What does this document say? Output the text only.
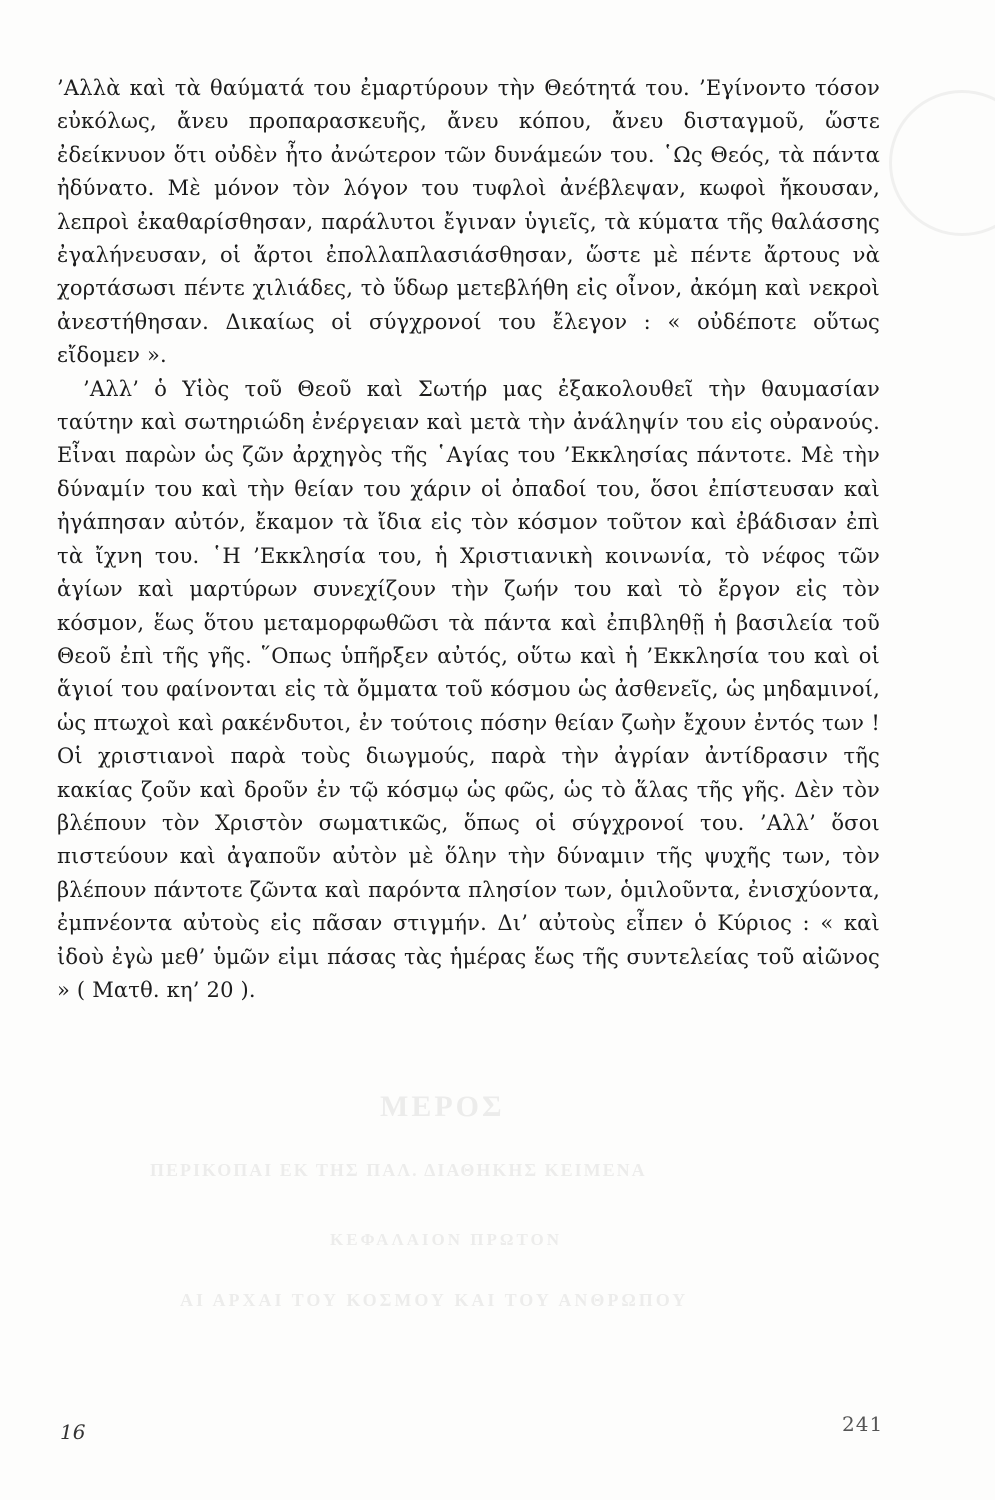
ΜΕΡΟΣ
ΠΕΡΙΚΟΠΑΙ ΕΚ ΤΗΣ ΠΑΛ. ΔΙΑΘΗΚΗΣ ΚΕΙΜΕΝΑ
ΚΕΦΑΛΑΙΟΝ ΠΡΩΤΟΝ
ΑΙ ΑΡΧΑΙ ΤΟΥ ΚΟΣΜΟΥ ΚΑΙ ΤΟΥ ΑΝΘΡΩΠΟΥ

’Αλλὰ καὶ τὰ θαύματά του ἐμαρτύρουν τὴν Θεότητά του. ’Εγίνοντο τόσον εὐκόλως, ἄνευ προπαρασκευῆς, ἄνευ κόπου, ἄνευ δισταγμοῦ, ὥστε ἐδείκνυον ὅτι οὐδὲν ἦτο ἀνώτερον τῶν δυνάμεών του. ῾Ως Θεός, τὰ πάντα ἠδύνατο. Μὲ μόνον τὸν λόγον του τυφλοὶ ἀνέβλεψαν, κωφοὶ ἤκουσαν, λεπροὶ ἐκαθαρίσθησαν, παράλυτοι ἔγιναν ὑγιεῖς, τὰ κύματα τῆς θαλάσσης ἐγαλήνευσαν, οἱ ἄρτοι ἐπολλαπλασιάσθησαν, ὥστε μὲ πέντε ἄρτους νὰ χορτάσωσι πέντε χιλιάδες, τὸ ὕδωρ μετεβλήθη εἰς οἶνον, ἀκόμη καὶ νεκροὶ ἀνεστήθησαν. Δικαίως οἱ σύγχρονοί του ἔλεγον : « οὐδέποτε οὕτως εἴδομεν ».

’Αλλ’ ὁ Υἱὸς τοῦ Θεοῦ καὶ Σωτήρ μας ἐξακολουθεῖ τὴν θαυμασίαν ταύτην καὶ σωτηριώδη ἐνέργειαν καὶ μετὰ τὴν ἀνάληψίν του εἰς οὐρανούς. Εἶναι παρὼν ὡς ζῶν ἀρχηγὸς τῆς ῾Αγίας του ’Εκκλησίας πάντοτε. Μὲ τὴν δύναμίν του καὶ τὴν θείαν του χάριν οἱ ὀπαδοί του, ὅσοι ἐπίστευσαν καὶ ἠγάπησαν αὐτόν, ἔκαμον τὰ ἴδια εἰς τὸν κόσμον τοῦτον καὶ ἐβάδισαν ἐπὶ τὰ ἴχνη του. ῾Η ’Εκκλησία του, ἡ Χριστιανικὴ κοινωνία, τὸ νέφος τῶν ἁγίων καὶ μαρτύρων συνεχίζουν τὴν ζωήν του καὶ τὸ ἔργον εἰς τὸν κόσμον, ἕως ὅτου μεταμορφωθῶσι τὰ πάντα καὶ ἐπιβληθῇ ἡ βασιλεία τοῦ Θεοῦ ἐπὶ τῆς γῆς. ῞Οπως ὑπῆρξεν αὐτός, οὕτω καὶ ἡ ’Εκκλησία του καὶ οἱ ἅγιοί του φαίνονται εἰς τὰ ὄμματα τοῦ κόσμου ὡς ἀσθενεῖς, ὡς μηδαμινοί, ὡς πτωχοὶ καὶ ρακένδυτοι, ἐν τούτοις πόσην θείαν ζωὴν ἔχουν ἐντός των ! Οἱ χριστιανοὶ παρὰ τοὺς διωγμούς, παρὰ τὴν ἀγρίαν ἀντίδρασιν τῆς κακίας ζοῦν καὶ δροῦν ἐν τῷ κόσμῳ ὡς φῶς, ὡς τὸ ἅλας τῆς γῆς. Δὲν τὸν βλέπουν τὸν Χριστὸν σωματικῶς, ὅπως οἱ σύγχρονοί του. ’Αλλ’ ὅσοι πιστεύουν καὶ ἀγαποῦν αὐτὸν μὲ ὅλην τὴν δύναμιν τῆς ψυχῆς των, τὸν βλέπουν πάντοτε ζῶντα καὶ παρόντα πλησίον των, ὁμιλοῦντα, ἐνισχύοντα, ἐμπνέοντα αὐτοὺς εἰς πᾶσαν στιγμήν. Δι’ αὐτοὺς εἶπεν ὁ Κύριος : « καὶ ἰδοὺ ἐγὼ μεθ’ ὑμῶν εἰμι πάσας τὰς ἡμέρας ἕως τῆς συντελείας τοῦ αἰῶνος » ( Ματθ. κη’ 20 ).

16	241
